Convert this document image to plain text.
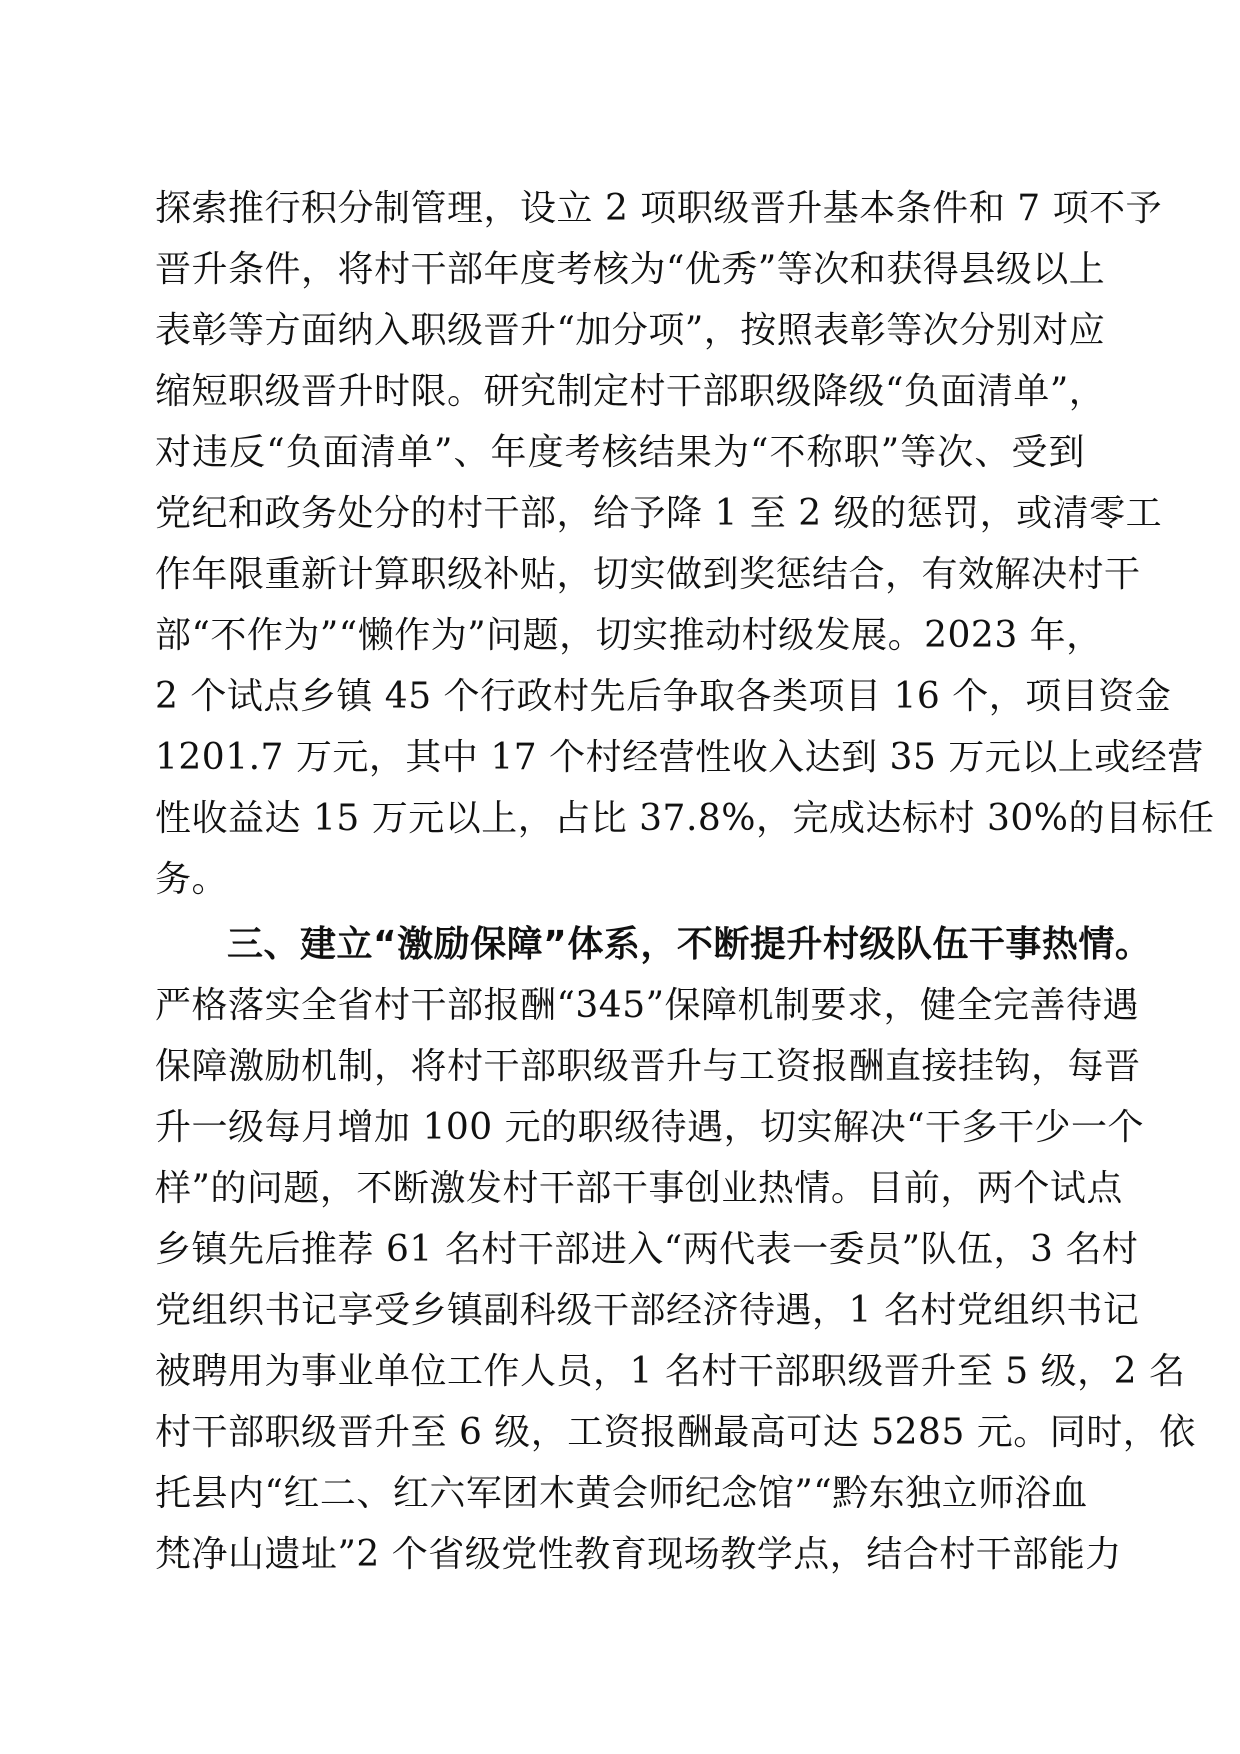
探索推行积分制管理，设立 2 项职级晋升基本条件和 7 项不予
晋升条件，将村干部年度考核为“优秀”等次和获得县级以上
表彰等方面纳入职级晋升“加分项”，按照表彰等次分别对应
缩短职级晋升时限。研究制定村干部职级降级“负面清单”，
对违反“负面清单”、年度考核结果为“不称职”等次、受到
党纪和政务处分的村干部，给予降 1 至 2 级的惩罚，或清零工
作年限重新计算职级补贴，切实做到奖惩结合，有效解决村干
部“不作为”“懒作为”问题，切实推动村级发展。2023 年，
2 个试点乡镇 45 个行政村先后争取各类项目 16 个，项目资金
1201.7 万元，其中 17 个村经营性收入达到 35 万元以上或经营
性收益达 15 万元以上，占比 37.8%，完成达标村 30%的目标任
务。
三、建立“激励保障”体系，不断提升村级队伍干事热情。
严格落实全省村干部报酬“345”保障机制要求，健全完善待遇
保障激励机制，将村干部职级晋升与工资报酬直接挂钩，每晋
升一级每月增加 100 元的职级待遇，切实解决“干多干少一个
样”的问题，不断激发村干部干事创业热情。目前，两个试点
乡镇先后推荐 61 名村干部进入“两代表一委员”队伍，3 名村
党组织书记享受乡镇副科级干部经济待遇，1 名村党组织书记
被聘用为事业单位工作人员，1 名村干部职级晋升至 5 级，2 名
村干部职级晋升至 6 级，工资报酬最高可达 5285 元。同时，依
托县内“红二、红六军团木黄会师纪念馆”“黔东独立师浴血
梵净山遗址”2 个省级党性教育现场教学点，结合村干部能力
